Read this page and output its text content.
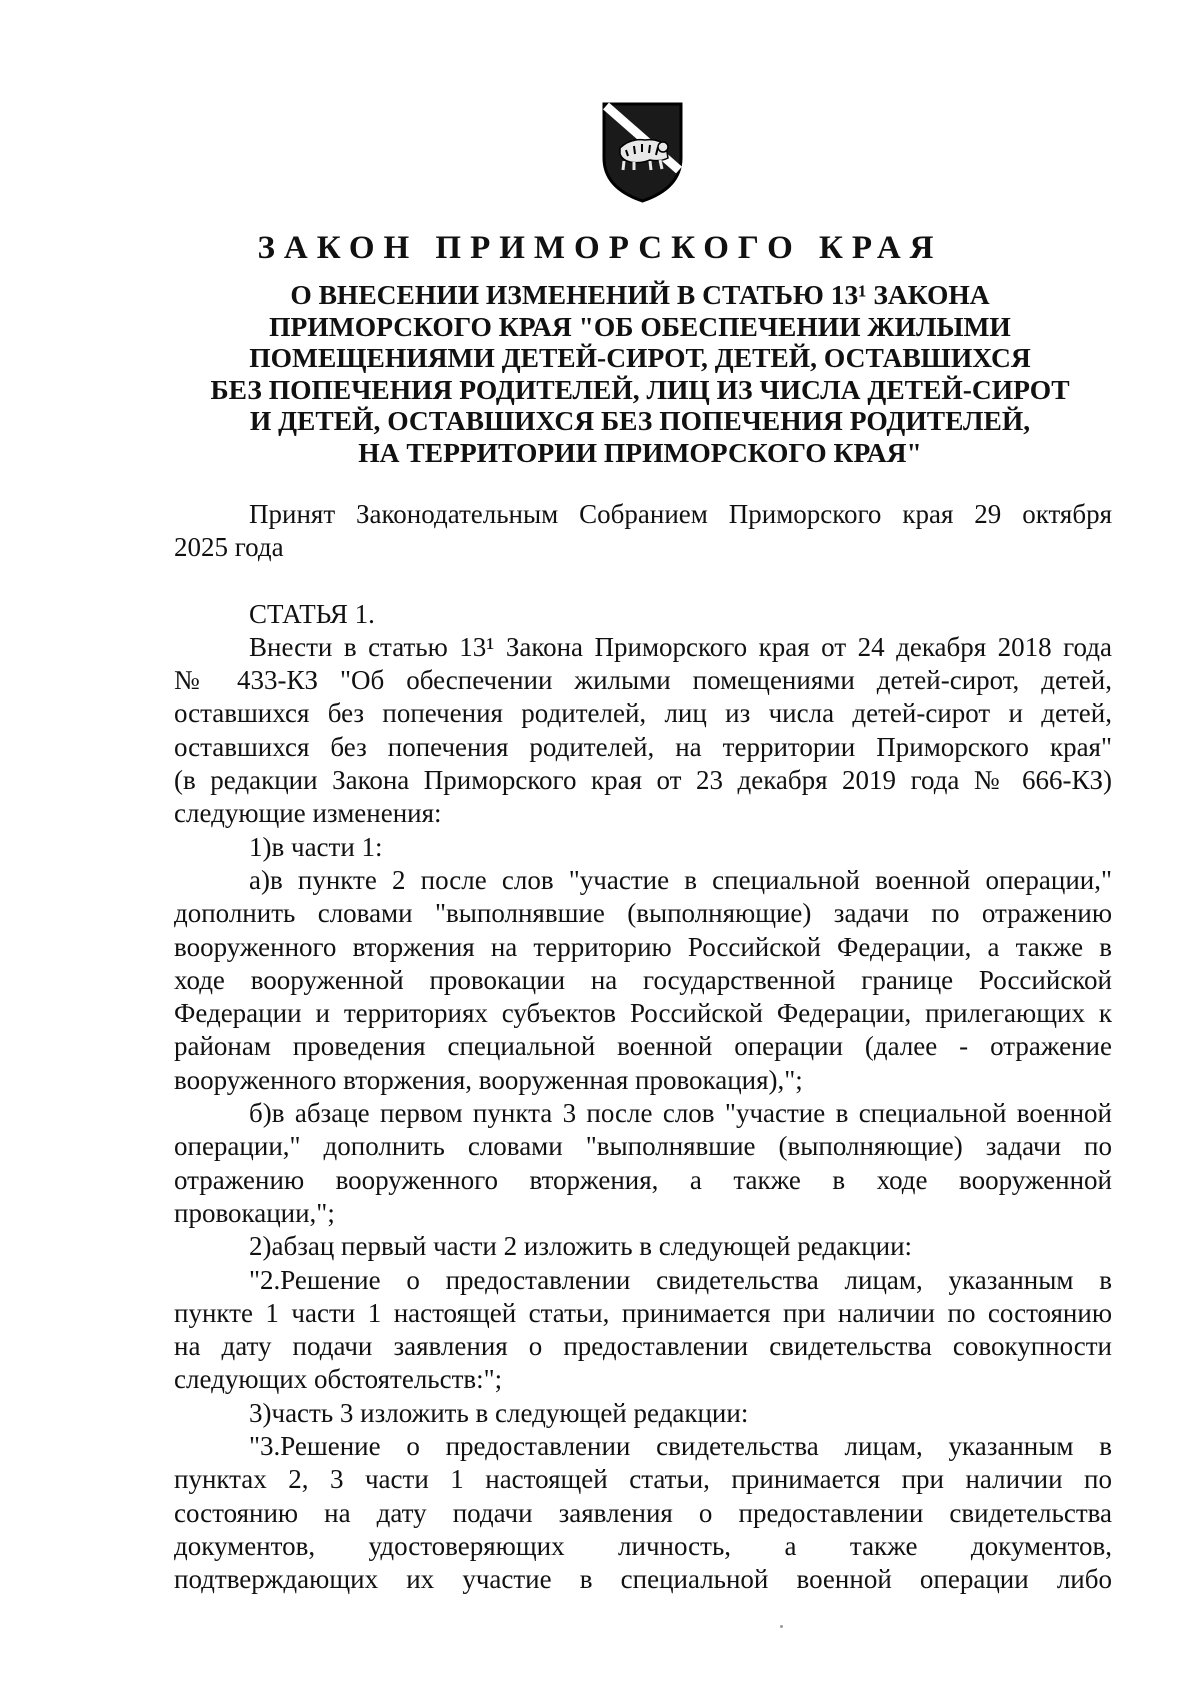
ЗАКОН ПРИМОРСКОГО КРАЯ

О ВНЕСЕНИИ ИЗМЕНЕНИЙ В СТАТЬЮ 13¹ ЗАКОНА

ПРИМОРСКОГО КРАЯ "ОБ ОБЕСПЕЧЕНИИ ЖИЛЫМИ

ПОМЕЩЕНИЯМИ ДЕТЕЙ-СИРОТ, ДЕТЕЙ, ОСТАВШИХСЯ

БЕЗ ПОПЕЧЕНИЯ РОДИТЕЛЕЙ, ЛИЦ ИЗ ЧИСЛА ДЕТЕЙ-СИРОТ

И ДЕТЕЙ, ОСТАВШИХСЯ БЕЗ ПОПЕЧЕНИЯ РОДИТЕЛЕЙ,

НА ТЕРРИТОРИИ ПРИМОРСКОГО КРАЯ"

Принят Законодательным Собранием Приморского края 29 октября

2025 года

СТАТЬЯ 1.

Внести в статью 13¹ Закона Приморского края от 24 декабря 2018 года

№ 433-КЗ "Об обеспечении жилыми помещениями детей-сирот, детей,

оставшихся без попечения родителей, лиц из числа детей-сирот и детей,

оставшихся без попечения родителей, на территории Приморского края"

(в редакции Закона Приморского края от 23 декабря 2019 года № 666-КЗ)

следующие изменения:

1)в части 1:

а)в пункте 2 после слов "участие в специальной военной операции,"

дополнить словами "выполнявшие (выполняющие) задачи по отражению

вооруженного вторжения на территорию Российской Федерации, а также в

ходе вооруженной провокации на государственной границе Российской

Федерации и территориях субъектов Российской Федерации, прилегающих к

районам проведения специальной военной операции (далее - отражение

вооруженного вторжения, вооруженная провокация),";

б)в абзаце первом пункта 3 после слов "участие в специальной военной

операции," дополнить словами "выполнявшие (выполняющие) задачи по

отражению вооруженного вторжения, а также в ходе вооруженной

провокации,";

2)абзац первый части 2 изложить в следующей редакции:

"2.Решение о предоставлении свидетельства лицам, указанным в

пункте 1 части 1 настоящей статьи, принимается при наличии по состоянию

на дату подачи заявления о предоставлении свидетельства совокупности

следующих обстоятельств:";

3)часть 3 изложить в следующей редакции:

"3.Решение о предоставлении свидетельства лицам, указанным в

пунктах 2, 3 части 1 настоящей статьи, принимается при наличии по

состоянию на дату подачи заявления о предоставлении свидетельства

документов, удостоверяющих личность, а также документов,

подтверждающих их участие в специальной военной операции либо
